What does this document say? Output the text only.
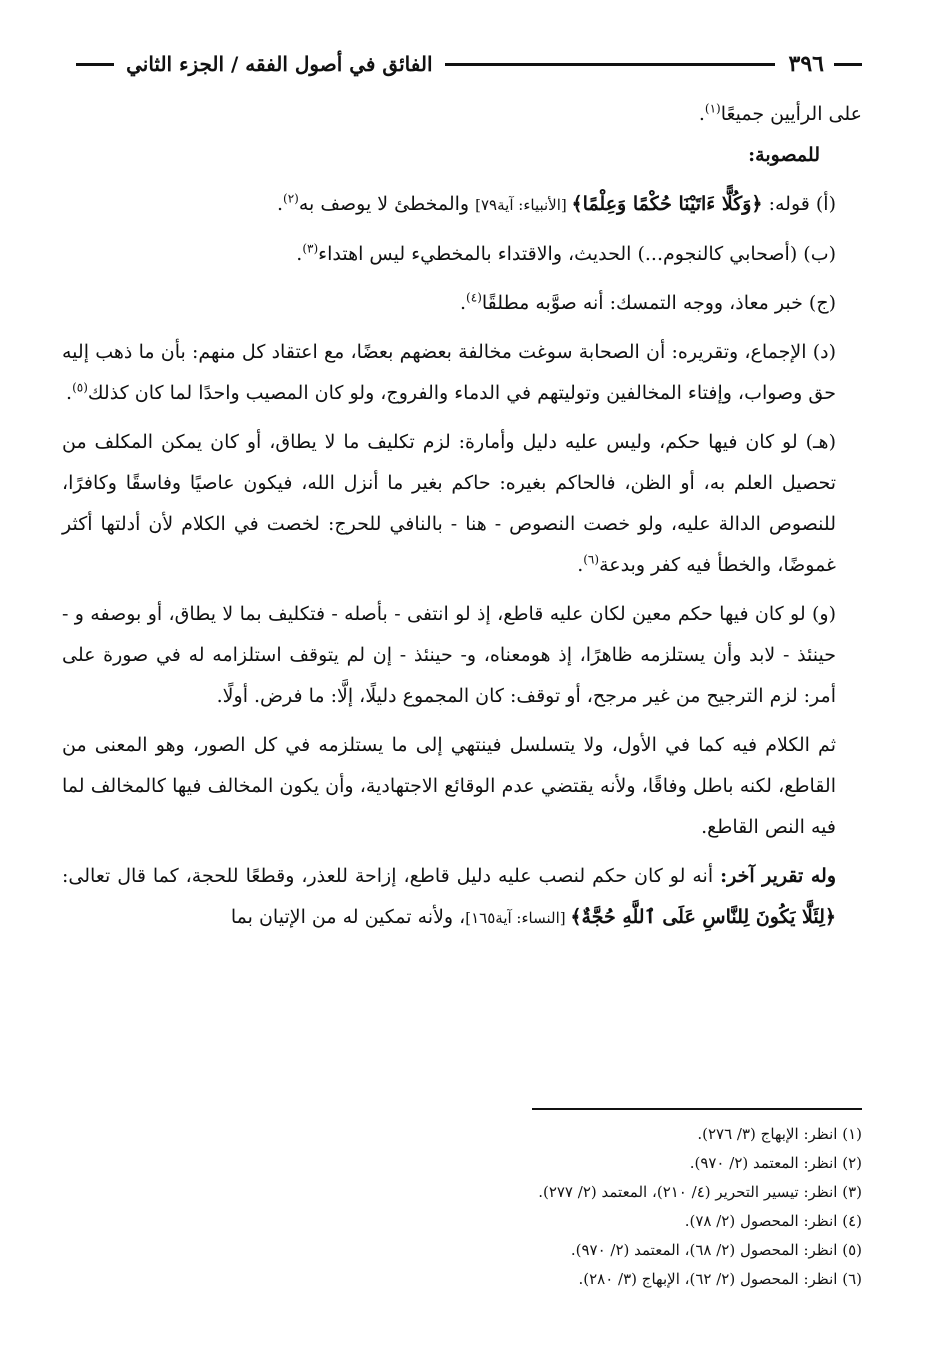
٣٩٦
الفائق في أصول الفقه / الجزء الثاني

على الرأيين جميعًا$^{(١)}$.

للمصوبة:

(أ) قوله: ﴿وَكُلًّا ءَاتَيْنَا حُكْمًا وَعِلْمًا﴾ [الأنبياء: آية٧٩] والمخطئ لا يوصف به$^{(٢)}$.

(ب) (أصحابي كالنجوم...) الحديث، والاقتداء بالمخطيء ليس اهتداء$^{(٣)}$.

(ج) خبر معاذ، ووجه التمسك: أنه صوَّبه مطلقًا$^{(٤)}$.

(د) الإجماع، وتقريره: أن الصحابة سوغت مخالفة بعضهم بعضًا، مع اعتقاد كل منهم: بأن ما ذهب إليه حق وصواب، وإفتاء المخالفين وتوليتهم في الدماء والفروج، ولو كان المصيب واحدًا لما كان كذلك$^{(٥)}$.

(هـ) لو كان فيها حكم، وليس عليه دليل وأمارة: لزم تكليف ما لا يطاق، أو كان يمكن المكلف من تحصيل العلم به، أو الظن، فالحاكم بغيره: حاكم بغير ما أنزل الله، فيكون عاصيًا وفاسقًا وكافرًا، للنصوص الدالة عليه، ولو خصت النصوص - هنا - بالنافي للحرج: لخصت في الكلام لأن أدلتها أكثر غموضًا، والخطأ فيه كفر وبدعة$^{(٦)}$.

(و) لو كان فيها حكم معين لكان عليه قاطع، إذ لو انتفى - بأصله - فتكليف بما لا يطاق، أو بوصفه و - حينئذ - لابد وأن يستلزمه ظاهرًا، إذ هومعناه، و- حينئذ - إن لم يتوقف استلزامه له في صورة على أمر: لزم الترجيح من غير مرجح، أو توقف: كان المجموع دليلًا، إلَّا: ما فرض. أولًا.

ثم الكلام فيه كما في الأول، ولا يتسلسل فينتهي إلى ما يستلزمه في كل الصور، وهو المعنى من القاطع، لكنه باطل وفاقًا، ولأنه يقتضي عدم الوقائع الاجتهادية، وأن يكون المخالف فيها كالمخالف لما فيه النص القاطع.

وله تقرير آخر: أنه لو كان حكم لنصب عليه دليل قاطع، إزاحة للعذر، وقطعًا للحجة، كما قال تعالى: ﴿لِئَلَّا يَكُونَ لِلنَّاسِ عَلَى ٱللَّهِ حُجَّةٌ﴾ [النساء: آية١٦٥]، ولأنه تمكين له من الإتيان بما

(١) انظر: الإبهاج (٣/ ٢٧٦).
(٢) انظر: المعتمد (٢/ ٩٧٠).
(٣) انظر: تيسير التحرير (٤/ ٢١٠)، المعتمد (٢/ ٢٧٧).
(٤) انظر: المحصول (٢/ ٧٨).
(٥) انظر: المحصول (٢/ ٦٨)، المعتمد (٢/ ٩٧٠).
(٦) انظر: المحصول (٢/ ٦٢)، الإبهاج (٣/ ٢٨٠).
